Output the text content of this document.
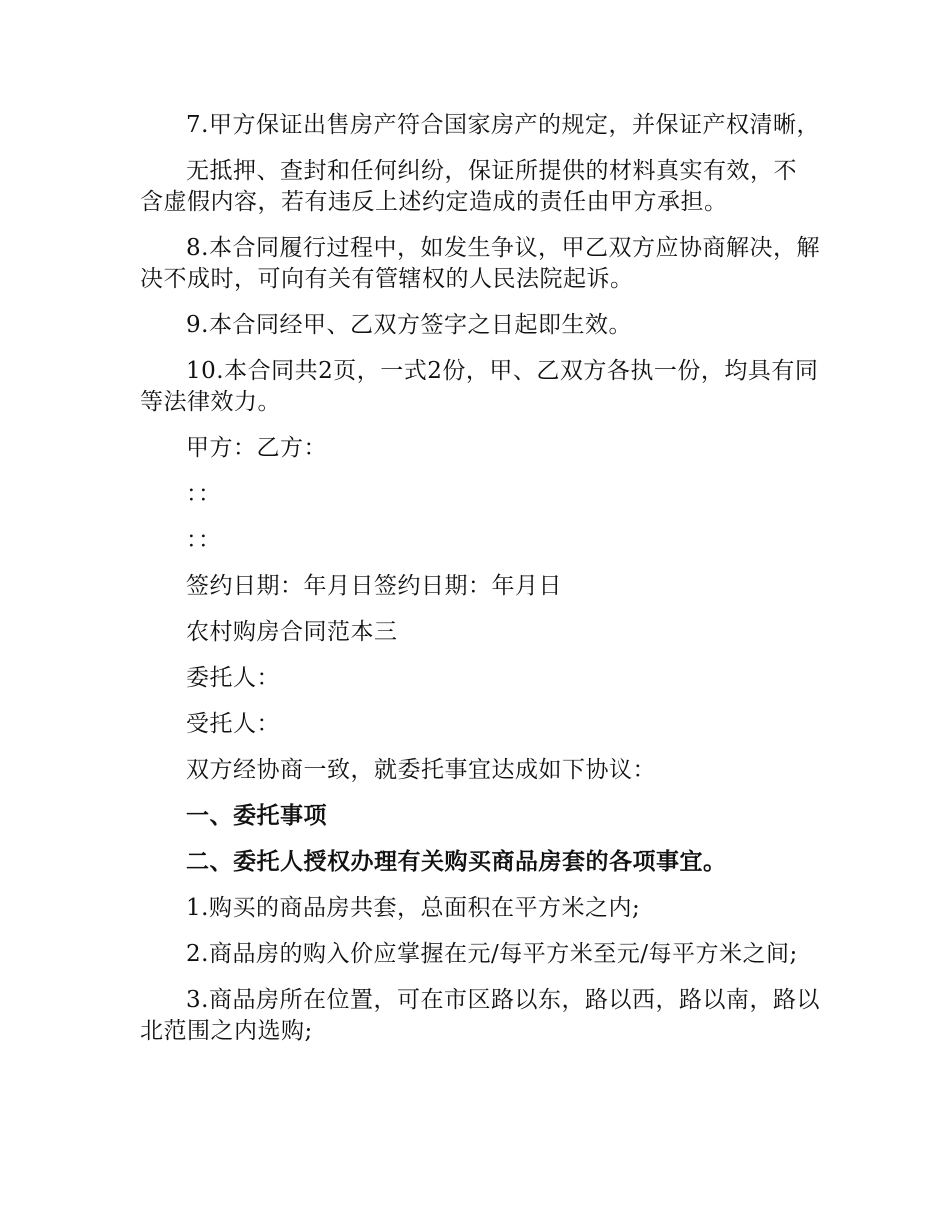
7.甲方保证出售房产符合国家房产的规定，并保证产权清晰，

无抵押、查封和任何纠纷，保证所提供的材料真实有效，不含虚假内容，若有违反上述约定造成的责任由甲方承担。

8.本合同履行过程中，如发生争议，甲乙双方应协商解决，解决不成时，可向有关有管辖权的人民法院起诉。

9.本合同经甲、乙双方签字之日起即生效。

10.本合同共2页，一式2份，甲、乙双方各执一份，均具有同等法律效力。

甲方：乙方：

：：

：：

签约日期：年月日签约日期：年月日

农村购房合同范本三

委托人：

受托人：

双方经协商一致，就委托事宜达成如下协议：

一、委托事项

二、委托人授权办理有关购买商品房套的各项事宜。

1.购买的商品房共套，总面积在平方米之内;

2.商品房的购入价应掌握在元/每平方米至元/每平方米之间;

3.商品房所在位置，可在市区路以东，路以西，路以南，路以北范围之内选购;
